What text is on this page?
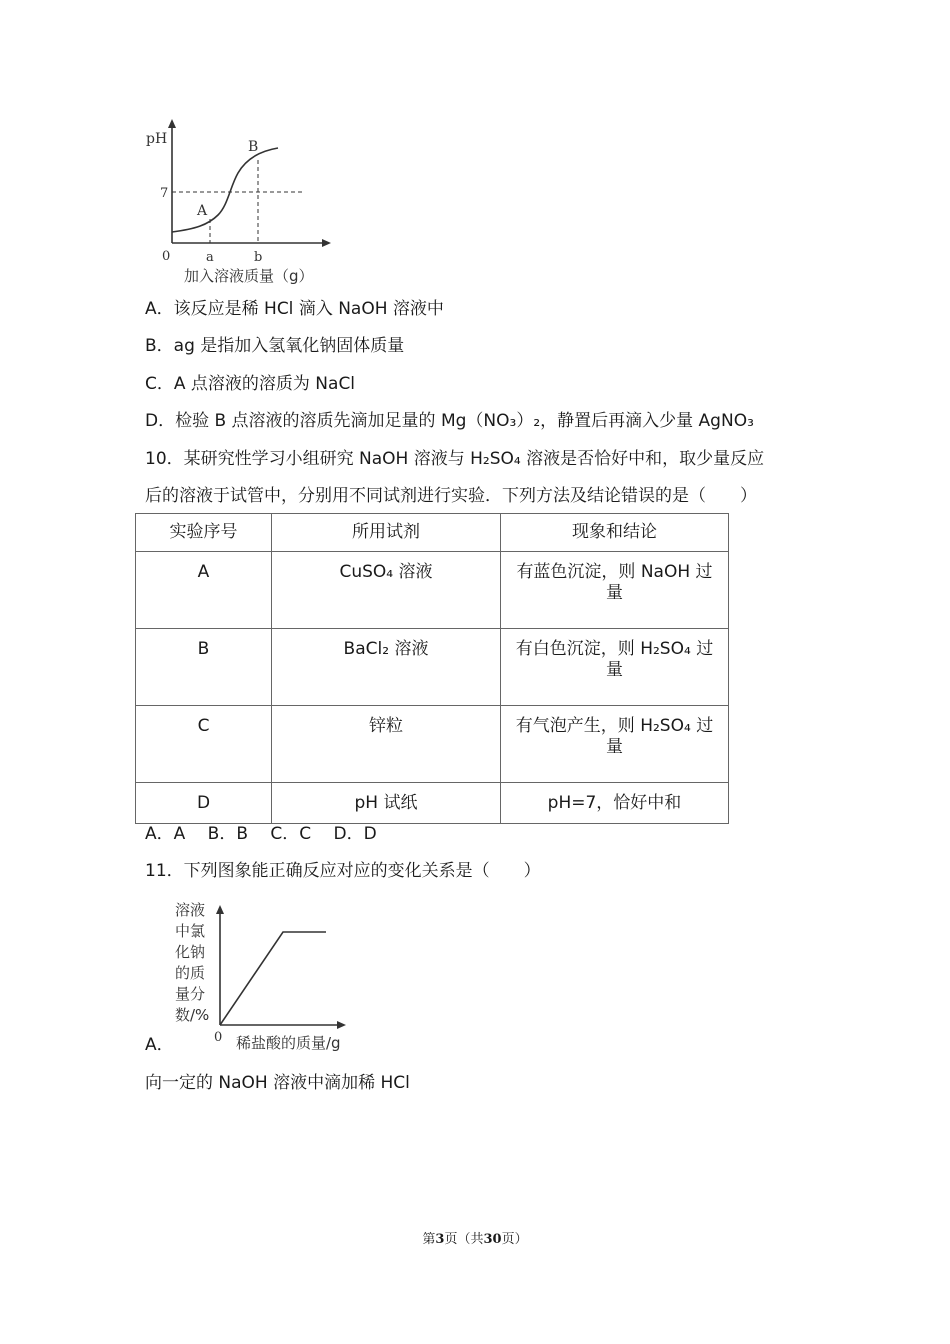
pH
7
0
A
B
a	b
加入溶液质量（g）
A．该反应是稀 HCl 滴入 NaOH 溶液中
B．ag 是指加入氢氧化钠固体质量
C．A 点溶液的溶质为 NaCl
D．检验 B 点溶液的溶质先滴加足量的 Mg（NO₃）₂，静置后再滴入少量 AgNO₃
10．某研究性学习小组研究 NaOH 溶液与 H₂SO₄ 溶液是否恰好中和，取少量反应
后的溶液于试管中，分别用不同试剂进行实验．下列方法及结论错误的是（　　）
实验序号	所用试剂	现象和结论
A	CuSO₄ 溶液	有蓝色沉淀，则 NaOH 过量
B	BaCl₂ 溶液	有白色沉淀，则 H₂SO₄ 过量
C	锌粒	有气泡产生，则 H₂SO₄ 过量
D	pH 试纸	pH=7，恰好中和
A．A　 B．B　 C．C　 D．D
11．下列图象能正确反应对应的变化关系是（　　）
溶液
中氯
化钠
的质
量分
数/%
0 稀盐酸的质量/g
A．
向一定的 NaOH 溶液中滴加稀 HCl
第3页（共30页）
